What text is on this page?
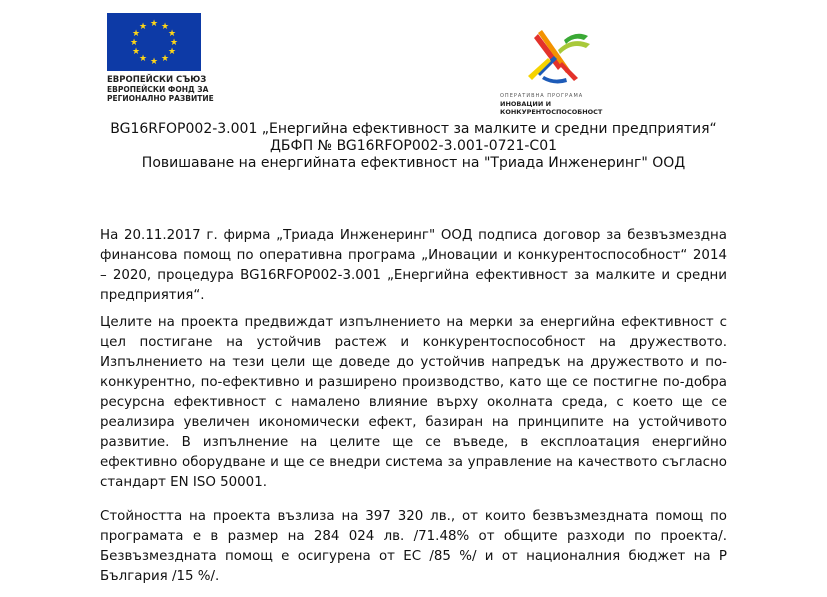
★ ★
★
★
★
★
★
★
★
★
★
★
ЕВРОПЕЙСКИ СЪЮЗ
ЕВРОПЕЙСКИ ФОНД ЗА
РЕГИОНАЛНО РАЗВИТИЕ	ОПЕРАТИВНА ПРОГРАМА
ИНОВАЦИИ И
КОНКУРЕНТОСПОСОБНОСТ
BG16RFOP002-3.001 „Енергийна ефективност за малките и средни предприятия“
ДБФП № BG16RFOP002-3.001-0721-C01
Повишаване на енергийната ефективност на "Триада Инженеринг" ООД
На 20.11.2017 г. фирма „Триада Инженеринг" ООД подписа договор за безвъзмездна финансова помощ по оперативна програма „Иновации и конкурентоспособност“ 2014 – 2020, процедура BG16RFOP002-3.001 „Енергийна ефективност за малките и средни предприятия“.
Целите на проекта предвиждат изпълнението на мерки за енергийна ефективност с цел постигане на устойчив растеж и конкурентоспособност на дружеството. Изпълнението на тези цели ще доведе до устойчив напредък на дружеството и по-конкурентно, по-ефективно и разширено производство, като ще се постигне по-добра ресурсна ефективност с намалено влияние върху околната среда, с което ще се реализира увеличен икономически ефект, базиран на принципите на устойчивото развитие. В изпълнение на целите ще се въведе, в експлоатация енергийно ефективно оборудване и ще се внедри система за управление на качеството съгласно стандарт EN ISO 50001.
Стойността на проекта възлиза на 397 320 лв., от които безвъзмездната помощ по програмата е в размер на 284 024 лв. /71.48% от общите разходи по проекта/. Безвъзмездната помощ е осигурена от ЕС /85 %/ и от националния бюджет на Р България /15 %/.
